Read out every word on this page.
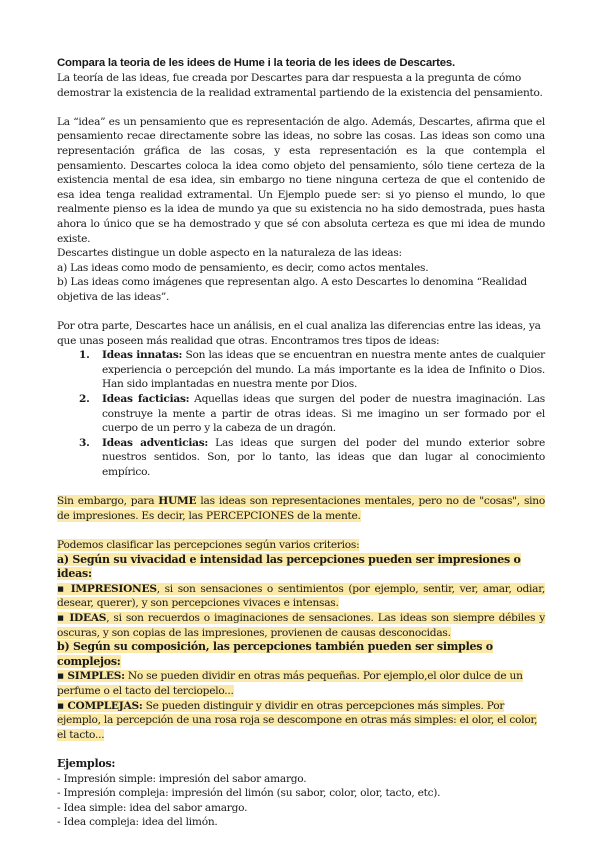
Compara la teoria de les idees de Hume i la teoria de les idees de Descartes.

La teoría de las ideas, fue creada por Descartes para dar respuesta a la pregunta de cómo demostrar la existencia de la realidad extramental partiendo de la existencia del pensamiento.

La “idea” es un pensamiento que es representación de algo. Además, Descartes, afirma que el pensamiento recae directamente sobre las ideas, no sobre las cosas. Las ideas son como una representación gráfica de las cosas, y esta representación es la que contempla el pensamiento. Descartes coloca la idea como objeto del pensamiento, sólo tiene certeza de la existencia mental de esa idea, sin embargo no tiene ninguna certeza de que el contenido de esa idea tenga realidad extramental. Un Ejemplo puede ser: si yo pienso el mundo, lo que realmente pienso es la idea de mundo ya que su existencia no ha sido demostrada, pues hasta ahora lo único que se ha demostrado y que sé con absoluta certeza es que mi idea de mundo existe.

Descartes distingue un doble aspecto en la naturaleza de las ideas:

a) Las ideas como modo de pensamiento, es decir, como actos mentales.

b) Las ideas como imágenes que representan algo. A esto Descartes lo denomina “Realidad objetiva de las ideas”.

Por otra parte, Descartes hace un análisis, en el cual analiza las diferencias entre las ideas, ya que unas poseen más realidad que otras. Encontramos tres tipos de ideas:

1. Ideas innatas: Son las ideas que se encuentran en nuestra mente antes de cualquier experiencia o percepción del mundo. La más importante es la idea de Infinito o Dios. Han sido implantadas en nuestra mente por Dios.
2. Ideas facticias: Aquellas ideas que surgen del poder de nuestra imaginación. Las construye la mente a partir de otras ideas. Si me imagino un ser formado por el cuerpo de un perro y la cabeza de un dragón.
3. Ideas adventicias: Las ideas que surgen del poder del mundo exterior sobre nuestros sentidos. Son, por lo tanto, las ideas que dan lugar al conocimiento empírico.

Sin embargo, para HUME las ideas son representaciones mentales, pero no de "cosas", sino de impresiones. Es decir, las PERCEPCIONES de la mente.

Podemos clasificar las percepciones según varios criterios:

a) Según su vivacidad e intensidad las percepciones pueden ser impresiones o ideas:

▪ IMPRESIONES, si son sensaciones o sentimientos (por ejemplo, sentir, ver, amar, odiar, desear, querer), y son percepciones vivaces e intensas.

▪ IDEAS, si son recuerdos o imaginaciones de sensaciones. Las ideas son siempre débiles y oscuras, y son copias de las impresiones, provienen de causas desconocidas.

b) Según su composición, las percepciones también pueden ser simples o complejos:

▪ SIMPLES: No se pueden dividir en otras más pequeñas. Por ejemplo,el olor dulce de un perfume o el tacto del terciopelo...

▪ COMPLEJAS: Se pueden distinguir y dividir en otras percepciones más simples. Por ejemplo, la percepción de una rosa roja se descompone en otras más simples: el olor, el color, el tacto...

Ejemplos:

- Impresión simple: impresión del sabor amargo.

- Impresión compleja: impresión del limón (su sabor, color, olor, tacto, etc).

- Idea simple: idea del sabor amargo.

- Idea compleja: idea del limón.
